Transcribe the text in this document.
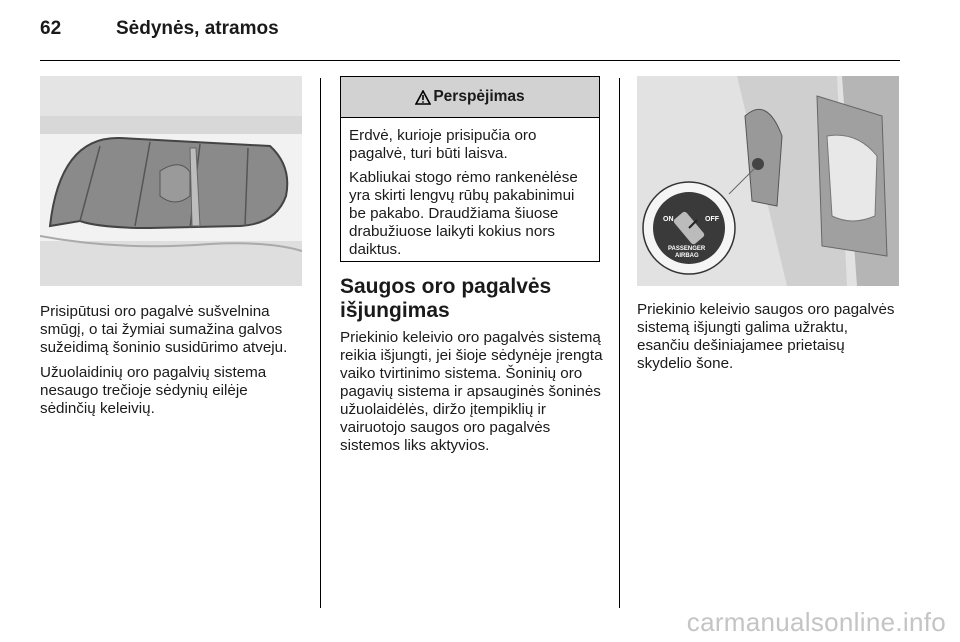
62	Sėdynės, atramos

Prisipūtusi oro pagalvė sušvelnina smūgį, o tai žymiai sumažina galvos sužeidimą šoninio susidūrimo atveju.

Užuolaidinių oro pagalvių sistema nesaugo trečioje sėdynių eilėje sėdinčių keleivių.

Perspėjimas

Erdvė, kurioje prisipučia oro pagalvė, turi būti laisva.

Kabliukai stogo rėmo rankenėlėse yra skirti lengvų rūbų pakabinimui be pakabo. Draudžiama šiuose drabužiuose laikyti kokius nors daiktus.

Saugos oro pagalvės išjungimas

Priekinio keleivio oro pagalvės sistemą reikia išjungti, jei šioje sėdynėje įrengta vaiko tvirtinimo sistema. Šoninių oro pagavių sistema ir apsauginės šoninės užuolaidėlės, diržo įtempiklių ir vairuotojo saugos oro pagalvės sistemos liks aktyvios.

ON	OFF
PASSENGER
AIRBAG

Priekinio keleivio saugos oro pagalvės sistemą išjungti galima užraktu, esančiu dešiniajamee prietaisų skydelio šone.

carmanualsonline.info
